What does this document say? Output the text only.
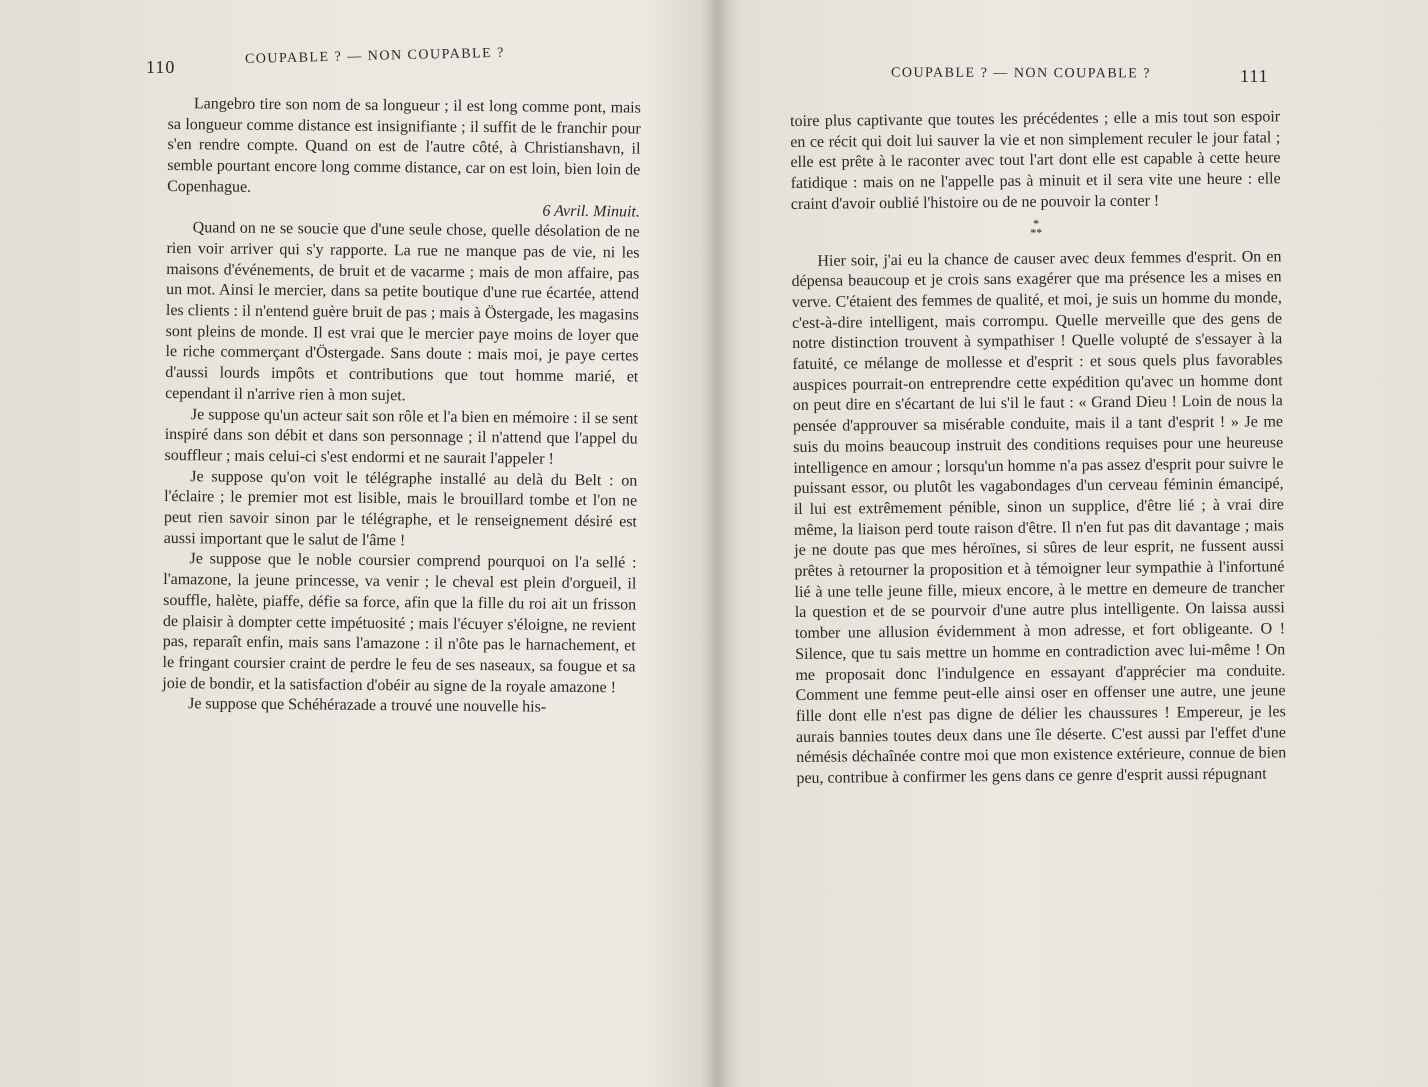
110
COUPABLE ? — NON COUPABLE ?

Langebro tire son nom de sa longueur ; il est long comme pont, mais sa longueur comme distance est insignifiante ; il suffit de le franchir pour s'en rendre compte. Quand on est de l'autre côté, à Christianshavn, il semble pourtant encore long comme distance, car on est loin, bien loin de Copenhague.

6 Avril. Minuit.

Quand on ne se soucie que d'une seule chose, quelle désolation de ne rien voir arriver qui s'y rapporte. La rue ne manque pas de vie, ni les maisons d'événements, de bruit et de vacarme ; mais de mon affaire, pas un mot. Ainsi le mercier, dans sa petite boutique d'une rue écartée, attend les clients : il n'entend guère bruit de pas ; mais à Östergade, les magasins sont pleins de monde. Il est vrai que le mercier paye moins de loyer que le riche commerçant d'Östergade. Sans doute : mais moi, je paye certes d'aussi lourds impôts et contributions que tout homme marié, et cependant il n'arrive rien à mon sujet.

Je suppose qu'un acteur sait son rôle et l'a bien en mémoire : il se sent inspiré dans son débit et dans son personnage ; il n'attend que l'appel du souffleur ; mais celui-ci s'est endormi et ne saurait l'appeler !

Je suppose qu'on voit le télégraphe installé au delà du Belt : on l'éclaire ; le premier mot est lisible, mais le brouillard tombe et l'on ne peut rien savoir sinon par le télégraphe, et le renseignement désiré est aussi important que le salut de l'âme !

Je suppose que le noble coursier comprend pourquoi on l'a sellé : l'amazone, la jeune princesse, va venir ; le cheval est plein d'orgueil, il souffle, halète, piaffe, défie sa force, afin que la fille du roi ait un frisson de plaisir à dompter cette impétuosité ; mais l'écuyer s'éloigne, ne revient pas, reparaît enfin, mais sans l'amazone : il n'ôte pas le harnachement, et le fringant coursier craint de perdre le feu de ses naseaux, sa fougue et sa joie de bondir, et la satisfaction d'obéir au signe de la royale amazone !

Je suppose que Schéhérazade a trouvé une nouvelle his-

COUPABLE ? — NON COUPABLE ?	111

toire plus captivante que toutes les précédentes ; elle a mis tout son espoir en ce récit qui doit lui sauver la vie et non simplement reculer le jour fatal ; elle est prête à le raconter avec tout l'art dont elle est capable à cette heure fatidique : mais on ne l'appelle pas à minuit et il sera vite une heure : elle craint d'avoir oublié l'histoire ou de ne pouvoir la conter !

*
**

Hier soir, j'ai eu la chance de causer avec deux femmes d'esprit. On en dépensa beaucoup et je crois sans exagérer que ma présence les a mises en verve. C'étaient des femmes de qualité, et moi, je suis un homme du monde, c'est-à-dire intelligent, mais corrompu. Quelle merveille que des gens de notre distinction trouvent à sympathiser ! Quelle volupté de s'essayer à la fatuité, ce mélange de mollesse et d'esprit : et sous quels plus favorables auspices pourrait-on entreprendre cette expédition qu'avec un homme dont on peut dire en s'écartant de lui s'il le faut : « Grand Dieu ! Loin de nous la pensée d'approuver sa misérable conduite, mais il a tant d'esprit ! » Je me suis du moins beaucoup instruit des conditions requises pour une heureuse intelligence en amour ; lorsqu'un homme n'a pas assez d'esprit pour suivre le puissant essor, ou plutôt les vagabondages d'un cerveau féminin émancipé, il lui est extrêmement pénible, sinon un supplice, d'être lié ; à vrai dire même, la liaison perd toute raison d'être. Il n'en fut pas dit davantage ; mais je ne doute pas que mes héroïnes, si sûres de leur esprit, ne fussent aussi prêtes à retourner la proposition et à témoigner leur sympathie à l'infortuné lié à une telle jeune fille, mieux encore, à le mettre en demeure de trancher la question et de se pourvoir d'une autre plus intelligente. On laissa aussi tomber une allusion évidemment à mon adresse, et fort obligeante. O ! Silence, que tu sais mettre un homme en contradiction avec lui-même ! On me proposait donc l'indulgence en essayant d'apprécier ma conduite. Comment une femme peut-elle ainsi oser en offenser une autre, une jeune fille dont elle n'est pas digne de délier les chaussures ! Empereur, je les aurais bannies toutes deux dans une île déserte. C'est aussi par l'effet d'une némésis déchaînée contre moi que mon existence extérieure, connue de bien peu, contribue à confirmer les gens dans ce genre d'esprit aussi répugnant
